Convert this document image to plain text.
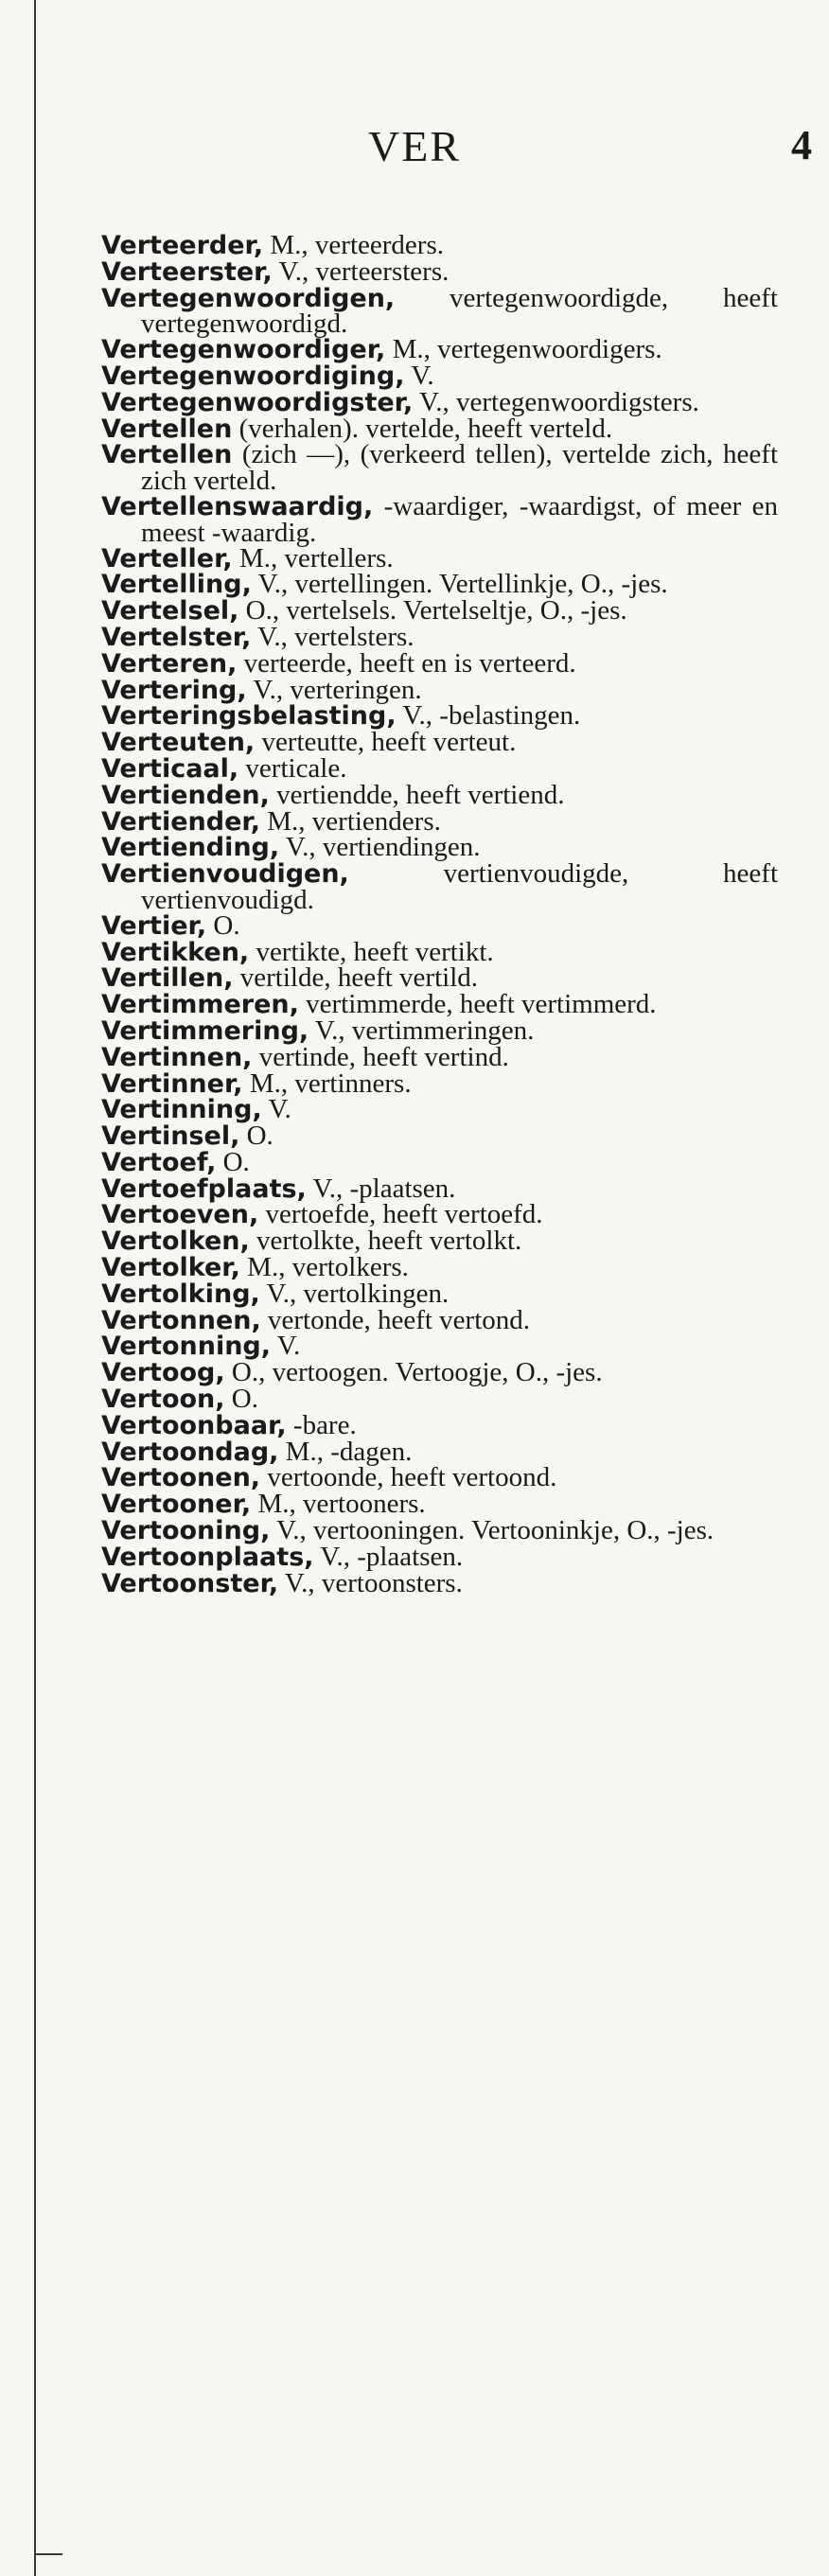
VER	4

Verteerder, M., verteerders.

Verteerster, V., verteersters.

Vertegenwoordigen, vertegenwoordigde, heeft vertegenwoordigd.

Vertegenwoordiger, M., vertegenwoordigers.

Vertegenwoordiging, V.

Vertegenwoordigster, V., vertegenwoordigsters.

Vertellen (verhalen). vertelde, heeft verteld.

Vertellen (zich —), (verkeerd tellen), vertelde zich, heeft zich verteld.

Vertellenswaardig, -waardiger, -waardigst, of meer en meest -waardig.

Verteller, M., vertellers.

Vertelling, V., vertellingen. Vertellinkje, O., -jes.

Vertelsel, O., vertelsels. Vertelseltje, O., -jes.

Vertelster, V., vertelsters.

Verteren, verteerde, heeft en is verteerd.

Vertering, V., verteringen.

Verteringsbelasting, V., -belastingen.

Verteuten, verteutte, heeft verteut.

Verticaal, verticale.

Vertienden, vertiendde, heeft vertiend.

Vertiender, M., vertienders.

Vertiending, V., vertiendingen.

Vertienvoudigen, vertienvoudigde, heeft vertienvoudigd.

Vertier, O.

Vertikken, vertikte, heeft vertikt.

Vertillen, vertilde, heeft vertild.

Vertimmeren, vertimmerde, heeft vertimmerd.

Vertimmering, V., vertimmeringen.

Vertinnen, vertinde, heeft vertind.

Vertinner, M., vertinners.

Vertinning, V.

Vertinsel, O.

Vertoef, O.

Vertoefplaats, V., -plaatsen.

Vertoeven, vertoefde, heeft vertoefd.

Vertolken, vertolkte, heeft vertolkt.

Vertolker, M., vertolkers.

Vertolking, V., vertolkingen.

Vertonnen, vertonde, heeft vertond.

Vertonning, V.

Vertoog, O., vertoogen. Vertoogje, O., -jes.

Vertoon, O.

Vertoonbaar, -bare.

Vertoondag, M., -dagen.

Vertoonen, vertoonde, heeft vertoond.

Vertooner, M., vertooners.

Vertooning, V., vertooningen. Vertooninkje, O., -jes.

Vertoonplaats, V., -plaatsen.

Vertoonster, V., vertoonsters.
